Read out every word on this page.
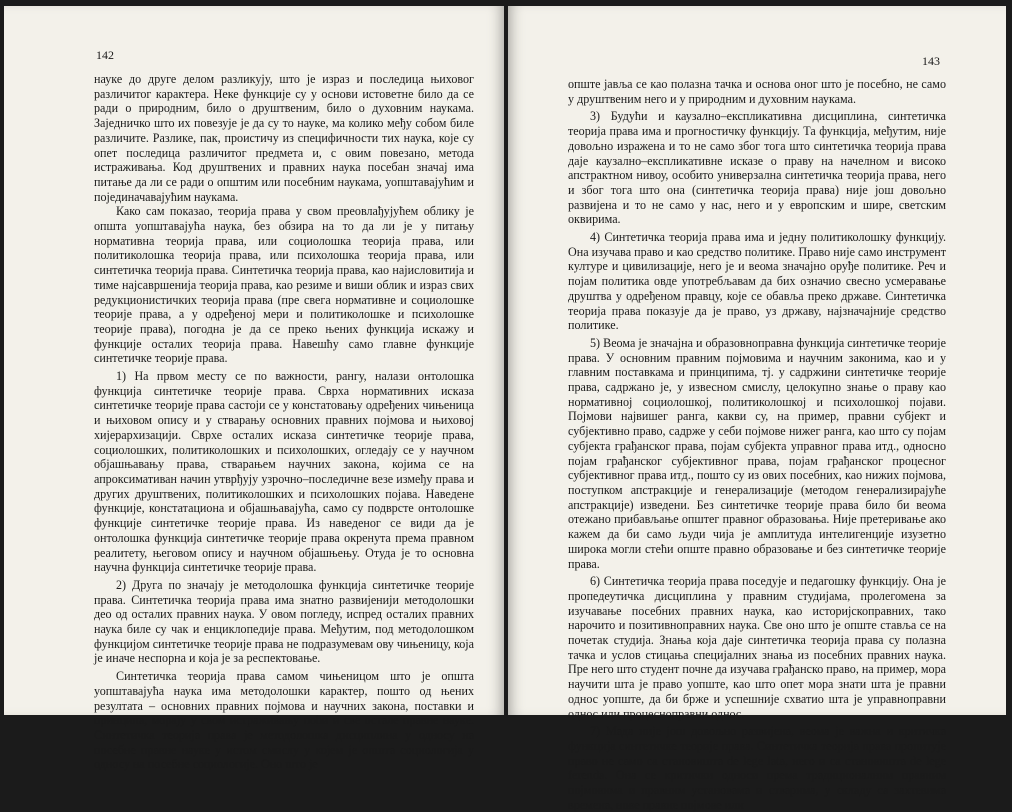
142

науке до друге делом разликују, што је израз и последица њиховог различитог карактера. Неке функције су у основи истоветне било да се ради о природним, било о друштвеним, било о духовним наукама. Заједничко што их повезује је да су то науке, ма колико међу собом биле различите. Разлике, пак, проистичу из специфичности тих наука, које су опет последица различитог предмета и, с овим повезано, метода истраживања. Код друштвених и правних наука посебан значај има питање да ли се ради о општим или посебним наукама, уопштавајућим и појединачавајућим наукама.

Како сам показао, теорија права у свом преовлађујућем облику је општа уопштавајућа наука, без обзира на то да ли је у питању нормативна теорија права, или социолошка теорија права, или политиколошка теорија права, или психолошка теорија права, или синтетичка теорија права. Синтетичка теорија права, као најисловитија и тиме најсавршенија теорија права, као резиме и виши облик и израз свих редукционистичких теорија права (пре свега нормативне и социолошке теорије права, а у одређеној мери и политиколошке и психолошке теорије права), погодна је да се преко њених функција искажу и функције осталих теорија права. Навешћу само главне функције синтетичке теорије права.

1) На првом месту се по важности, рангу, налази онтолошка функција синтетичке теорије права. Сврха нормативних исказа синтетичке теорије права састоји се у констатовању одређених чињеница и њиховом опису и у стварању основних правних појмова и њиховој хијерархизацији. Сврхе осталих исказа синтетичке теорије права, социолошких, политиколошких и психолошких, огледају се у научном објашњавању права, стварањем научних закона, којима се на апроксимативан начин утврђују узрочно–последичне везе између права и других друштвених, политиколошких и психолошких појава. Наведене функције, констатациона и објашњавајућа, само су подврсте онтолошке функције синтетичке теорије права. Из наведеног се види да је онтолошка функција синтетичке теорије права окренута према правном реалитету, његовом опису и научном објашњењу. Отуда је то основна научна функција синтетичке теорије права.

2) Друга по значају је методолошка функција синтетичке теорије права. Синтетичка теорија права има знатно развијенији методолошки део од осталих правних наука. У овом погледу, испред осталих правних наука биле су чак и енциклопедије права. Међутим, под методолошком функцијом синтетичке теорије права не подразумевам ову чињеницу, која је иначе неспорна и која је за респектовање.

Синтетичка теорија права самом чињеницом што је општа уопштавајућа наука има методолошки карактер, пошто од њених резултата – основних правних појмова и научних закона, поставки и принципа, морају у свом истраживању поћи и све остале правне науке. Синтетичка теорија права је методолошка дисциплина у односу на посебне правне науке у истом смислу у којем је општа социологија у односу на посебне социологије. Оно што је

143

опште јавља се као полазна тачка и основа оног што је посебно, не само у друштвеним него и у природним и духовним наукама.

3) Будући и каузално–експликативна дисциплина, синтетичка теорија права има и прогностичку функцију. Та функција, међутим, није довољно изражена и то не само због тога што синтетичка теорија права даје каузално–експликативне исказе о праву на начелном и високо апстрактном нивоу, особито универзална синтетичка теорија права, него и због тога што она (синтетичка теорија права) није још довољно развијена и то не само у нас, него и у европским и шире, светским оквирима.

4) Синтетичка теорија права има и једну политиколошку функцију. Она изучава право и као средство политике. Право није само инструмент културе и цивилизације, него је и веома значајно оруђе политике. Реч и појам политика овде употребљавам да бих означио свесно усмеравање друштва у одређеном правцу, које се обавља преко државе. Синтетичка теорија права показује да је право, уз државу, најзначајније средство политике.

5) Веома је значајна и образовноправна функција синтетичке теорије права. У основним правним појмовима и научним законима, као и у главним поставкама и принципима, тј. у садржини синтетичке теорије права, садржано је, у извесном смислу, целокупно знање о праву као нормативној социолошкој, политиколошкој и психолошкој појави. Појмови највишег ранга, какви су, на пример, правни субјект и субјективно право, садрже у себи појмове нижег ранга, као што су појам субјекта грађанског права, појам субјекта управног права итд., односно појам грађанског субјективног права, појам грађанског процесног субјективног права итд., пошто су из ових посебних, као нижих појмова, поступком апстракције и генерализације (методом генерализирајуће апстракције) изведени. Без синтетичке теорије права било би веома отежано прибављање општег правног образовања. Није претеривање ако кажем да би само људи чија је амплитуда интелигенције изузетно широка могли стећи опште правно образовање и без синтетичке теорије права.

6) Синтетичка теорија права поседује и педагошку функцију. Она је пропедеутичка дисциплина у правним студијама, пролегомена за изучавање посебних правних наука, као историјскоправних, тако нарочито и позитивноправних наука. Све оно што је опште ставља се на почетак студија. Знања која даје синтетичка теорија права су полазна тачка и услов стицања специјалних знања из посебних правних наука. Пре него што студент почне да изучава грађанско право, на пример, мора научити шта је право уопште, као што опет мора знати шта је правни однос уопште, да би брже и успешније схватио шта је управноправни однос или процесноправни однос.

7) Мада није још довољно развијена, веома је важна и критичка функција синтетичке теорије права. Синтетичка теорија права пропитује право не само са становишта de lege lata, него и са становишта de lege ferenda. Она се критички односи према традиционалним правним појмовима и правним установама и стварима, у складу са захтевима времена, нове правне појмове или
